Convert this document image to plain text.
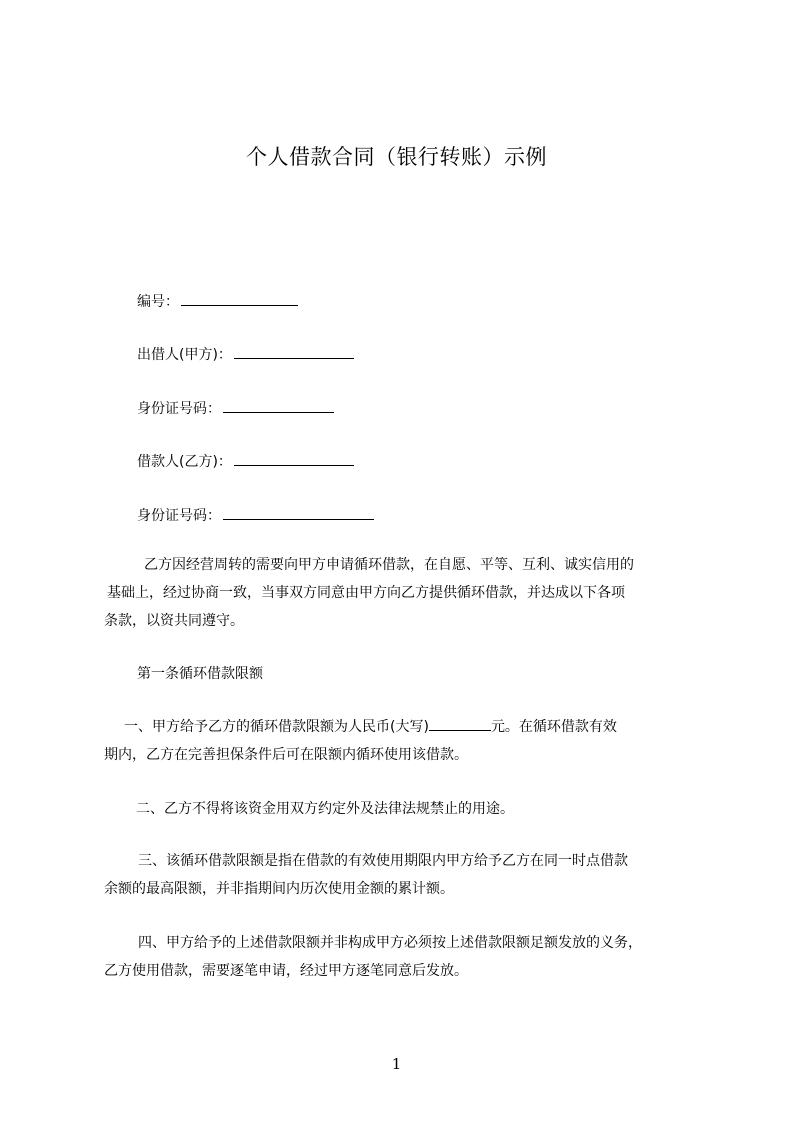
个人借款合同（银行转账）示例
编号：
出借人(甲方)：
身份证号码：
借款人(乙方)：
身份证号码：
乙方因经营周转的需要向甲方申请循环借款，在自愿、平等、互利、诚实信用的
基础上，经过协商一致，当事双方同意由甲方向乙方提供循环借款，并达成以下各项
条款，以资共同遵守。
第一条循环借款限额
一、甲方给予乙方的循环借款限额为人民币(大写)	元。在循环借款有效
期内，乙方在完善担保条件后可在限额内循环使用该借款。
二、乙方不得将该资金用双方约定外及法律法规禁止的用途。
三、该循环借款限额是指在借款的有效使用期限内甲方给予乙方在同一时点借款
余额的最高限额，并非指期间内历次使用金额的累计额。
四、甲方给予的上述借款限额并非构成甲方必须按上述借款限额足额发放的义务，
乙方使用借款，需要逐笔申请，经过甲方逐笔同意后发放。
1
